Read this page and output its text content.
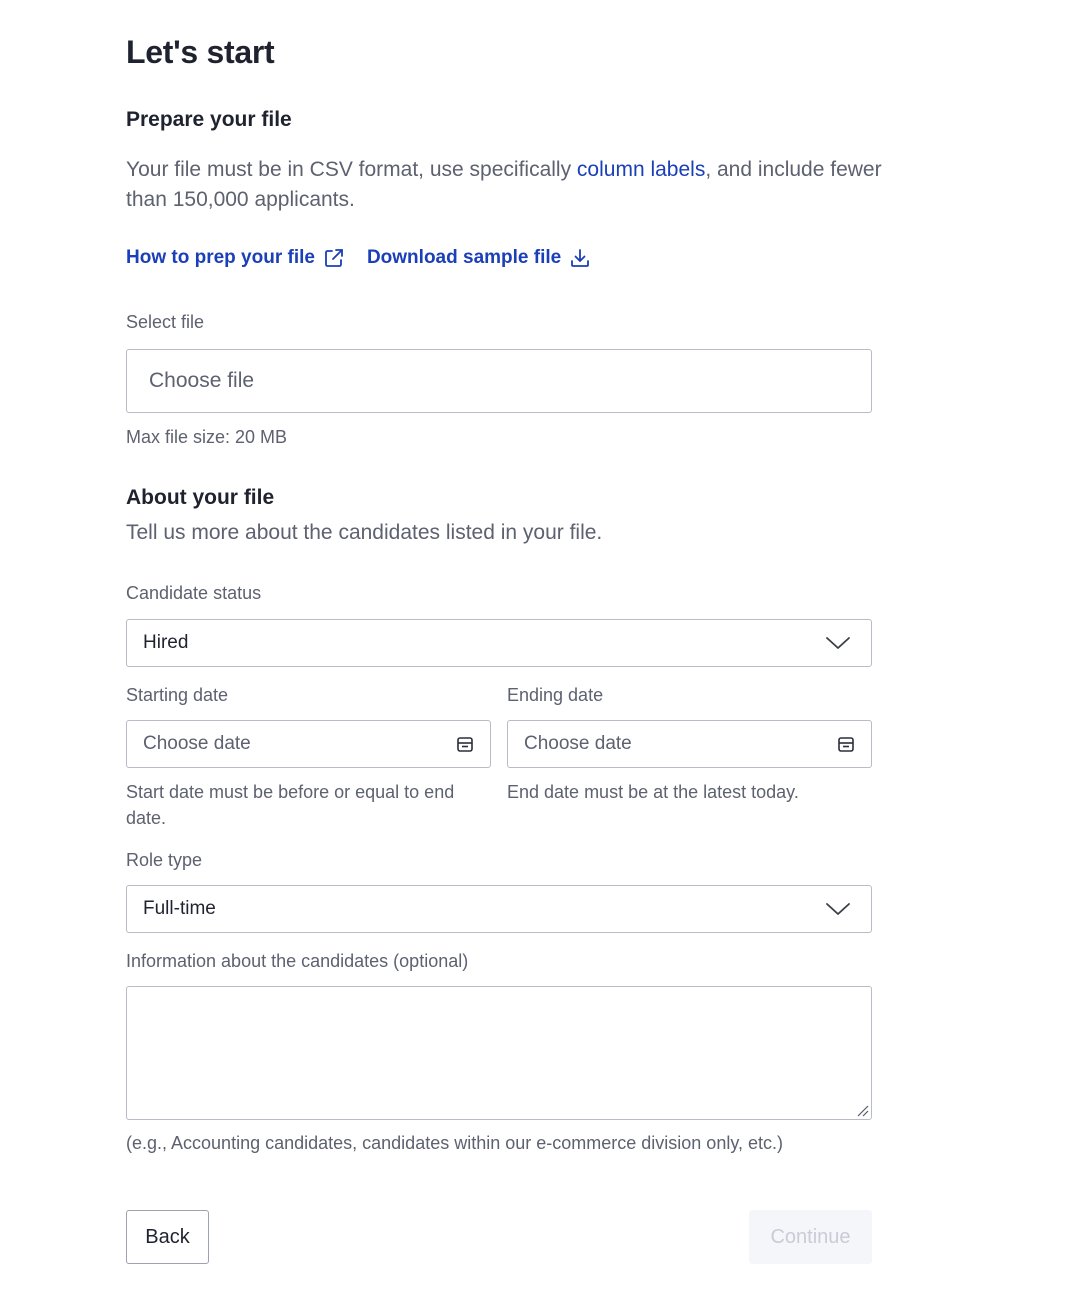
Let's start
Prepare your file
Your file must be in CSV format, use specifically column labels, and include fewer than 150,000 applicants.
How to prep your file	Download sample file
Select file
Choose file
Max file size: 20 MB
About your file
Tell us more about the candidates listed in your file.
Candidate status
Hired
Starting date	Ending date
Choose date	Choose date
Start date must be before or equal to end date.
End date must be at the latest today.
Role type
Full-time
Information about the candidates (optional)
(e.g., Accounting candidates, candidates within our e-commerce division only, etc.)
Back	Continue
